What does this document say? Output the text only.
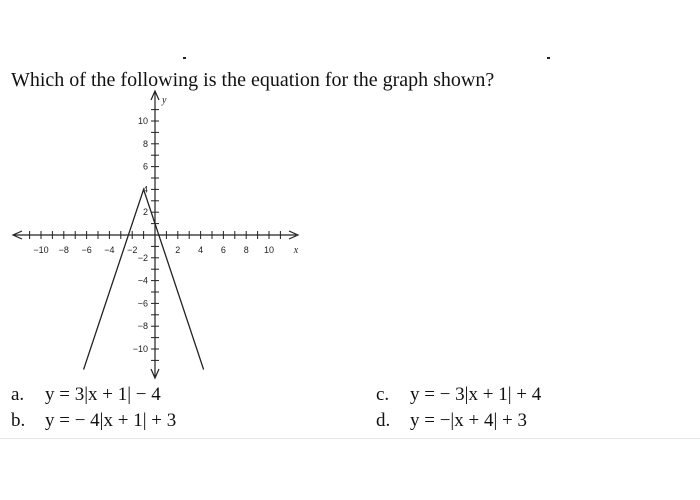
Which of the following is the equation for the graph shown?
−10 −8 −6 −4 −2	2 4 6 8 10
10
8
6
4
2
−2
−4
−6
−8
−10
x
y
a.	y = 3|x + 1| − 4
b.	y = − 4|x + 1| + 3
c.	y = − 3|x + 1| + 4
d.	y = −|x + 4| + 3
